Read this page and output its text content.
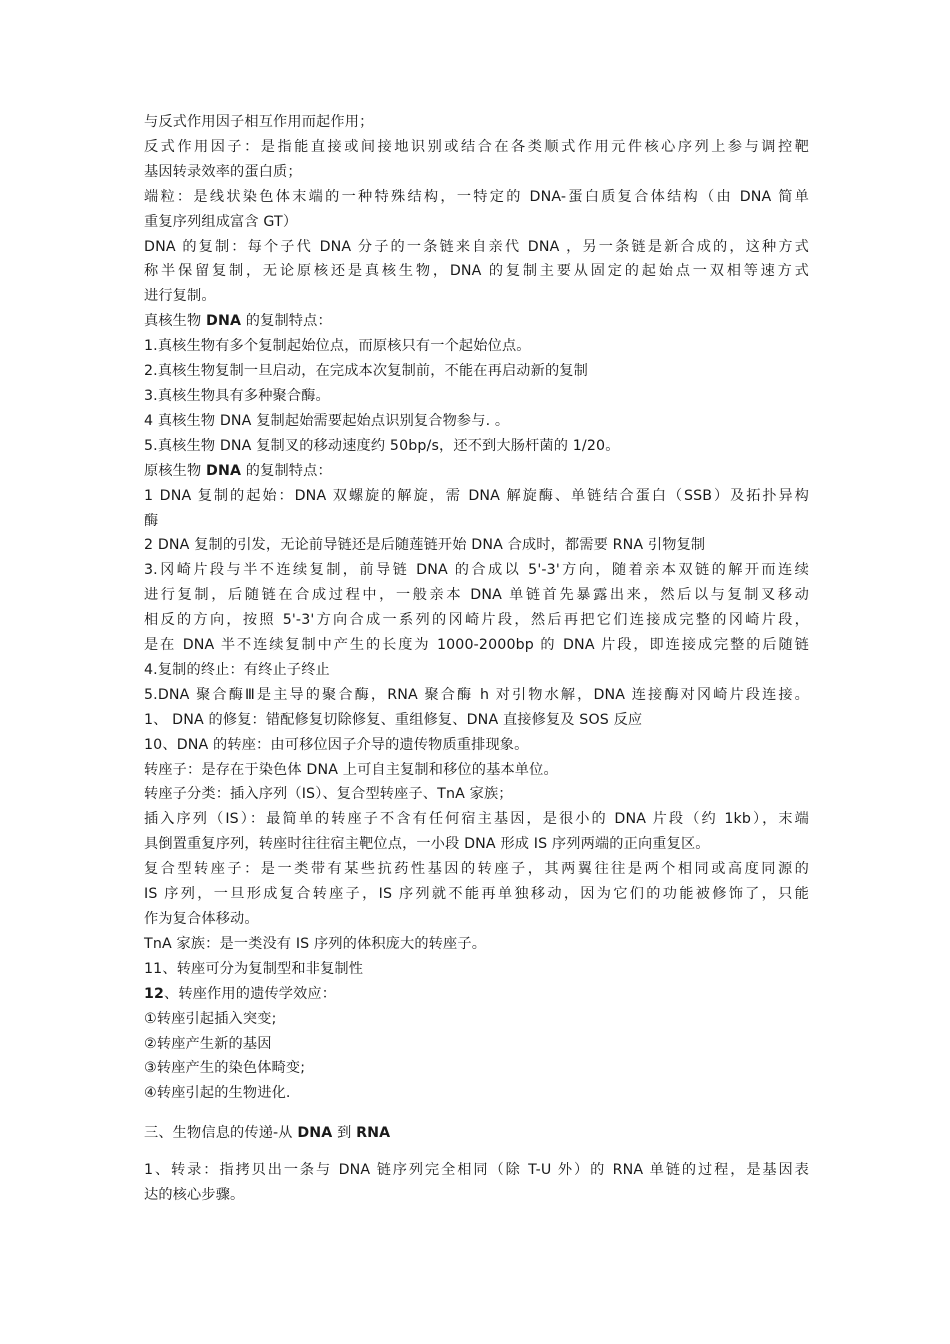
与反式作用因子相互作用而起作用；
反式作用因子：是指能直接或间接地识别或结合在各类顺式作用元件核心序列上参与调控靶
基因转录效率的蛋白质；
端粒：是线状染色体末端的一种特殊结构，一特定的 DNA-蛋白质复合体结构（由 DNA 简单
重复序列组成富含 GT）
DNA 的复制：每个子代 DNA 分子的一条链来自亲代 DNA ，另一条链是新合成的，这种方式
称半保留复制，无论原核还是真核生物，DNA 的复制主要从固定的起始点一双相等速方式
进行复制。
真核生物 DNA 的复制特点：
1.真核生物有多个复制起始位点，而原核只有一个起始位点。
2.真核生物复制一旦启动，在完成本次复制前，不能在再启动新的复制
3.真核生物具有多种聚合酶。
4 真核生物 DNA 复制起始需要起始点识别复合物参与. 。
5.真核生物 DNA 复制叉的移动速度约 50bp/s，还不到大肠杆菌的 1/20。
原核生物 DNA 的复制特点：
1 DNA 复制的起始：DNA 双螺旋的解旋，需 DNA 解旋酶、单链结合蛋白（SSB）及拓扑异构
酶
2 DNA 复制的引发，无论前导链还是后随莲链开始 DNA 合成时，都需要 RNA 引物复制
3.冈崎片段与半不连续复制，前导链 DNA 的合成以 5'-3'方向，随着亲本双链的解开而连续
进行复制，后随链在合成过程中，一般亲本 DNA 单链首先暴露出来，然后以与复制叉移动
相反的方向，按照 5'-3'方向合成一系列的冈崎片段，然后再把它们连接成完整的冈崎片段，
是在 DNA 半不连续复制中产生的长度为 1000-2000bp 的 DNA 片段，即连接成完整的后随链
4.复制的终止：有终止子终止
5.DNA 聚合酶Ⅲ是主导的聚合酶，RNA 聚合酶 h 对引物水解，DNA 连接酶对冈崎片段连接。
1、 DNA 的修复：错配修复切除修复、重组修复、DNA 直接修复及 SOS 反应
10、DNA 的转座：由可移位因子介导的遗传物质重排现象。
转座子：是存在于染色体 DNA 上可自主复制和移位的基本单位。
转座子分类：插入序列（IS）、复合型转座子、TnA 家族；
插入序列（IS）：最简单的转座子不含有任何宿主基因，是很小的 DNA 片段（约 1kb），末端
具倒置重复序列，转座时往往宿主靶位点，一小段 DNA 形成 IS 序列两端的正向重复区。
复合型转座子：是一类带有某些抗药性基因的转座子，其两翼往往是两个相同或高度同源的
IS 序列，一旦形成复合转座子，IS 序列就不能再单独移动，因为它们的功能被修饰了，只能
作为复合体移动。
TnA 家族：是一类没有 IS 序列的体积庞大的转座子。
11、转座可分为复制型和非复制性
12、转座作用的遗传学效应：
①转座引起插入突变;
②转座产生新的基因
③转座产生的染色体畸变;
④转座引起的生物进化.
三、生物信息的传递-从 DNA 到 RNA
1、转录：指拷贝出一条与 DNA 链序列完全相同（除 T-U 外）的 RNA 单链的过程，是基因表
达的核心步骤。
